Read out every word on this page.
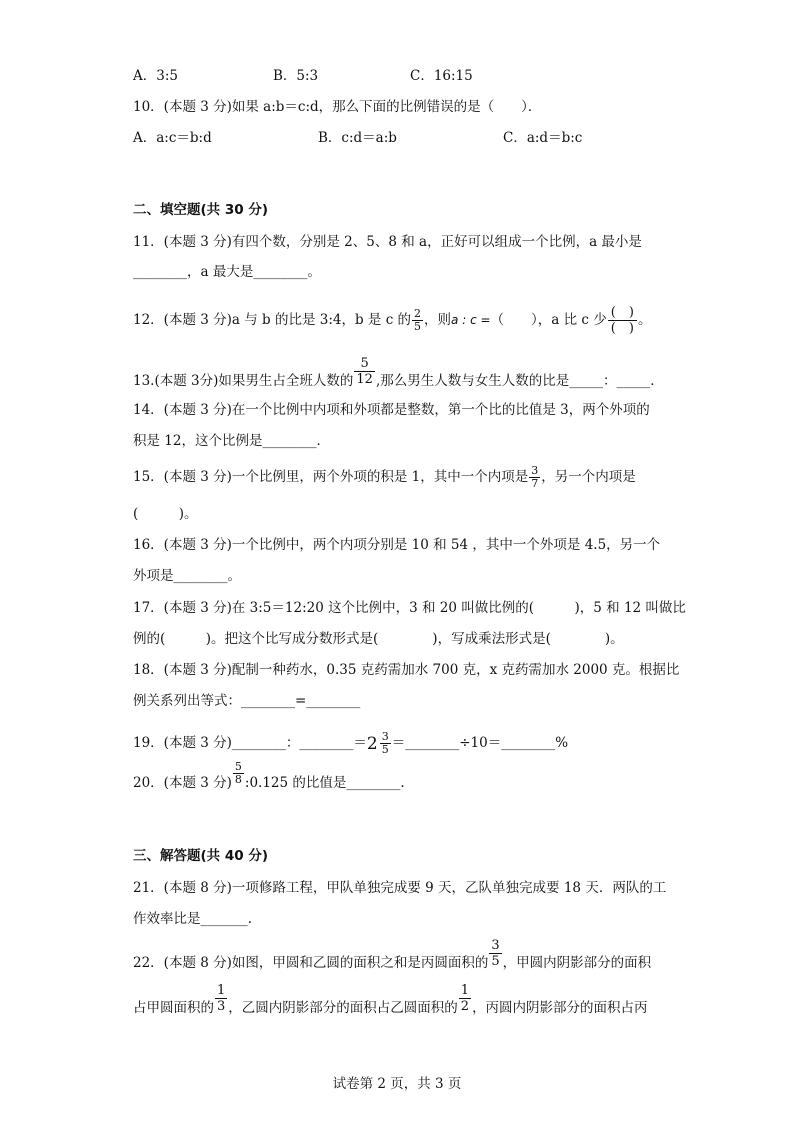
A．3:5	B．5:3	C．16:15
10．(本题 3 分)如果 a:b＝c:d，那么下面的比例错误的是（　　）．
A．a:c＝b:d	B．c:d＝a:b	C．a:d＝b:c
二、填空题(共 30 分)
11．(本题 3 分)有四个数，分别是 2、5、8 和 a，正好可以组成一个比例，a 最小是
________，a 最大是________。
12．(本题 3 分)a 与 b 的比是 3:4，b 是 c 的 $\frac{2}{5}$ ，则a : c =（　　），a 比 c 少 $\frac{( )}{( )}$ 。
13.(本题 3分)如果男生占全班人数的 $\frac{5}{12}$ ,那么男生人数与女生人数的比是_____：_____．
14．(本题 3 分)在一个比例中内项和外项都是整数，第一个比的比值是 3，两个外项的
积是 12，这个比例是________．
15．(本题 3 分)一个比例里，两个外项的积是 1，其中一个内项是 $\frac{3}{7}$ ，另一个内项是
(　　　)。
16．(本题 3 分)一个比例中，两个内项分别是 10 和 54 ，其中一个外项是 4.5，另一个
外项是________。
17．(本题 3 分)在 3:5＝12:20 这个比例中，3 和 20 叫做比例的(　　　)，5 和 12 叫做比
例的(　　　)。把这个比写成分数形式是(　　　　)，写成乘法形式是(　　　　)。
18．(本题 3 分)配制一种药水，0.35 克药需加水 700 克，x 克药需加水 2000 克。根据比
例关系列出等式：________=________
19．(本题 3 分)________：________＝ $2 \frac{3}{5}$ ＝________÷10＝________%
20．(本题 3 分) $\frac{5}{8}$ :0.125 的比值是________.
三、解答题(共 40 分)
21．(本题 8 分)一项修路工程，甲队单独完成要 9 天，乙队单独完成要 18 天．两队的工
作效率比是_______.
22．(本题 8 分)如图，甲圆和乙圆的面积之和是丙圆面积的 $\frac{3}{5}$ ，甲圆内阴影部分的面积
占甲圆面积的 $\frac{1}{3}$ ，乙圆内阴影部分的面积占乙圆面积的 $\frac{1}{2}$ ，丙圆内阴影部分的面积占丙
试卷第 2 页，共 3 页
